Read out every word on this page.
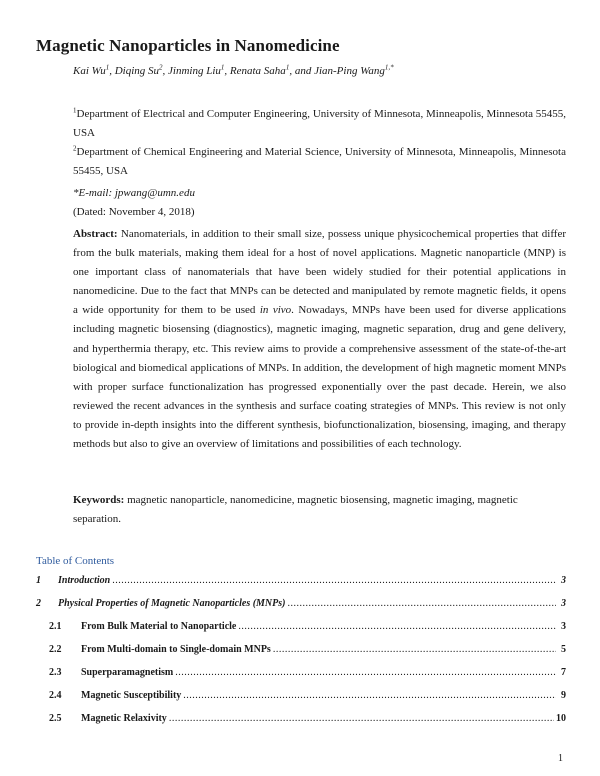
Magnetic Nanoparticles in Nanomedicine
Kai Wu$^1$, Diqing Su$^2$, Jinming Liu$^1$, Renata Saha$^1$, and Jian-Ping Wang$^{1,*}$
$^1$Department of Electrical and Computer Engineering, University of Minnesota, Minneapolis, Minnesota 55455, USA
$^2$Department of Chemical Engineering and Material Science, University of Minnesota, Minneapolis, Minnesota 55455, USA
*E-mail: jpwang@umn.edu
(Dated: November 4, 2018)
Abstract: Nanomaterials, in addition to their small size, possess unique physicochemical properties that differ from the bulk materials, making them ideal for a host of novel applications. Magnetic nanoparticle (MNP) is one important class of nanomaterials that have been widely studied for their potential applications in nanomedicine. Due to the fact that MNPs can be detected and manipulated by remote magnetic fields, it opens a wide opportunity for them to be used in vivo. Nowadays, MNPs have been used for diverse applications including magnetic biosensing (diagnostics), magnetic imaging, magnetic separation, drug and gene delivery, and hyperthermia therapy, etc. This review aims to provide a comprehensive assessment of the state-of-the-art biological and biomedical applications of MNPs. In addition, the development of high magnetic moment MNPs with proper surface functionalization has progressed exponentially over the past decade. Herein, we also reviewed the recent advances in the synthesis and surface coating strategies of MNPs. This review is not only to provide in-depth insights into the different synthesis, biofunctionalization, biosensing, imaging, and therapy methods but also to give an overview of limitations and possibilities of each technology.
Keywords: magnetic nanoparticle, nanomedicine, magnetic biosensing, magnetic imaging, magnetic separation.
Table of Contents
1	Introduction .....	3
2	Physical Properties of Magnetic Nanoparticles (MNPs) .....	3
2.1	From Bulk Material to Nanoparticle .....	3
2.2	From Multi-domain to Single-domain MNPs .....	5
2.3	Superparamagnetism .....	7
2.4	Magnetic Susceptibility .....	9
2.5	Magnetic Relaxivity .....	10
1
